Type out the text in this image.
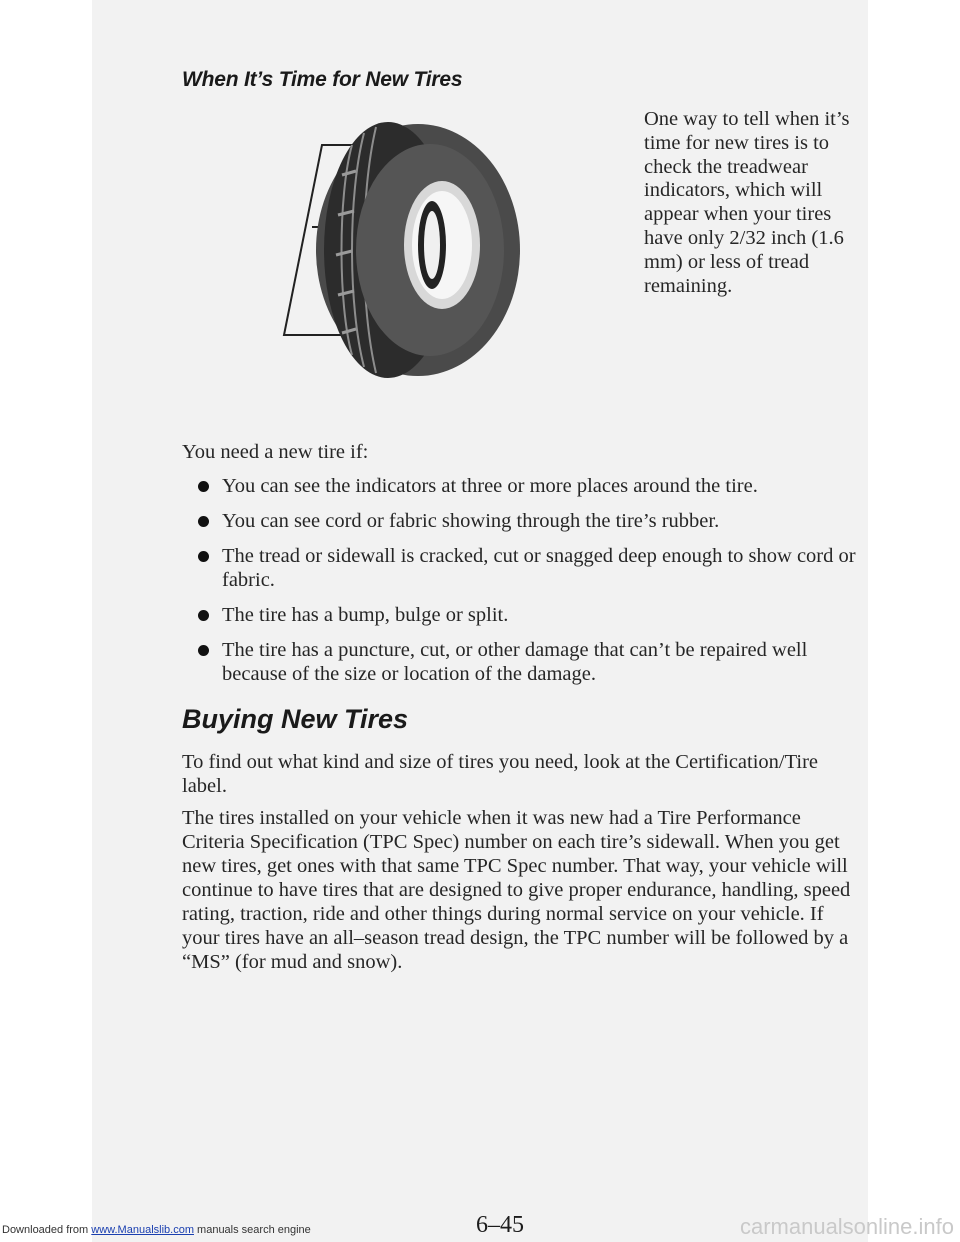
When It’s Time for New Tires

One way to tell when it’s time for new tires is to check the treadwear indicators, which will appear when your tires have only 2/32 inch (1.6 mm) or less of tread remaining.

You need a new tire if:

You can see the indicators at three or more places around the tire.
You can see cord or fabric showing through the tire’s rubber.
The tread or sidewall is cracked, cut or snagged deep enough to show cord or fabric.
The tire has a bump, bulge or split.
The tire has a puncture, cut, or other damage that can’t be repaired well because of the size or location of the damage.
Buying New Tires

To find out what kind and size of tires you need, look at the Certification/Tire label.

The tires installed on your vehicle when it was new had a Tire Performance Criteria Specification (TPC Spec) number on each tire’s sidewall. When you get new tires, get ones with that same TPC Spec number. That way, your vehicle will continue to have tires that are designed to give proper endurance, handling, speed rating, traction, ride and other things during normal service on your vehicle. If your tires have an all–season tread design, the TPC number will be followed by a “MS” (for mud and snow).

6–45

Downloaded from www.Manualslib.com manuals search engine	carmanualsonline.info
